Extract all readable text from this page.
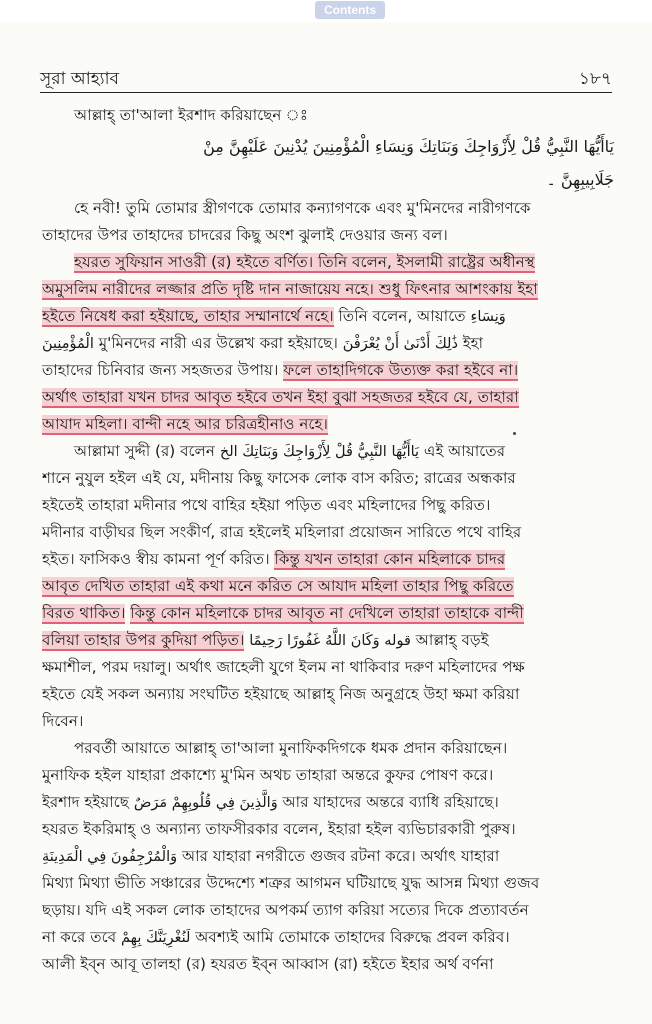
Contents
সূরা আহ্যাব	১৮৭
আল্লাহ্ তা'আলা ইরশাদ করিয়াছেন ঃ
يَاأَيُّهَا النَّبِيُّ قُلْ لِأَزْوَاجِكَ وَبَنَاتِكَ وَنِسَاءِ الْمُؤْمِنِينَ يُدْنِينَ عَلَيْهِنَّ مِنْ
جَلَابِيبِهِنَّ ۔
হে নবী! তুমি তোমার স্ত্রীগণকে তোমার কন্যাগণকে এবং মু'মিনদের নারীগণকে
তাহাদের উপর তাহাদের চাদরের কিছু অংশ ঝুলাই দেওয়ার জন্য বল।
হযরত সুফিয়ান সাওরী (র) হইতে বর্ণিত। তিনি বলেন, ইসলামী রাষ্ট্রের অধীনস্থ
অমুসলিম নারীদের লজ্জার প্রতি দৃষ্টি দান নাজায়েয নহে। শুধু ফিৎনার আশংকায় ইহা
হইতে নিষেধ করা হইয়াছে, তাহার সম্মানার্থে নহে। তিনি বলেন, আয়াতে وَنِسَاءِ
الْمُؤْمِنِينَ মু'মিনদের নারী এর উল্লেখ করা হইয়াছে। ذَٰلِكَ أَدْنَىٰ أَنْ يُعْرَفْنَ ইহা
তাহাদের চিনিবার জন্য সহজতর উপায়। ফলে তাহাদিগকে উত্যক্ত করা হইবে না।
অর্থাৎ তাহারা যখন চাদর আবৃত হইবে তখন ইহা বুঝা সহজতর হইবে যে, তাহারা
আযাদ মহিলা। বান্দী নহে আর চরিত্রহীনাও নহে।
আল্লামা সুদ্দী (র) বলেন يَاأَيُّهَا النَّبِيُّ قُلْ لِأَزْوَاجِكَ وَبَنَاتِكَ الخ এই আয়াতের
শানে নুযুল হইল এই যে, মদীনায় কিছু ফাসেক লোক বাস করিত; রাত্রের অন্ধকার
হইতেই তাহারা মদীনার পথে বাহির হইয়া পড়িত এবং মহিলাদের পিছু করিত।
মদীনার বাড়ীঘর ছিল সংকীর্ণ, রাত্র হইলেই মহিলারা প্রয়োজন সারিতে পথে বাহির
হইত। ফাসিকও স্বীয় কামনা পূর্ণ করিত। কিন্তু যখন তাহারা কোন মহিলাকে চাদর
আবৃত দেখিত তাহারা এই কথা মনে করিত সে আযাদ মহিলা তাহার পিছু করিতে
বিরত থাকিত। কিন্তু কোন মহিলাকে চাদর আবৃত না দেখিলে তাহারা তাহাকে বান্দী
বলিয়া তাহার উপর কুদিয়া পড়িত। قوله وَكَانَ اللَّهُ غَفُورًا رَحِيمًا আল্লাহ্ বড়ই
ক্ষমাশীল, পরম দয়ালু। অর্থাৎ জাহেলী যুগে ইলম না থাকিবার দরুণ মহিলাদের পক্ষ
হইতে যেই সকল অন্যায় সংঘটিত হইয়াছে আল্লাহ্ নিজ অনুগ্রহে উহা ক্ষমা করিয়া
দিবেন।
পরবর্তী আয়াতে আল্লাহ্ তা'আলা মুনাফিকদিগকে ধমক প্রদান করিয়াছেন।
মুনাফিক হইল যাহারা প্রকাশ্যে মু'মিন অথচ তাহারা অন্তরে কুফর পোষণ করে।
ইরশাদ হইয়াছে وَالَّذِينَ فِي قُلُوبِهِمْ مَرَضٌ আর যাহাদের অন্তরে ব্যাধি রহিয়াছে।
হযরত ইকরিমাহ্ ও অন্যান্য তাফসীরকার বলেন, ইহারা হইল ব্যভিচারকারী পুরুষ।
وَالْمُرْجِفُونَ فِي الْمَدِينَةِ আর যাহারা নগরীতে গুজব রটনা করে। অর্থাৎ যাহারা
মিথ্যা মিথ্যা ভীতি সঞ্চারের উদ্দেশ্যে শত্রুর আগমন ঘটিয়াছে যুদ্ধ আসন্ন মিথ্যা গুজব
ছড়ায়। যদি এই সকল লোক তাহাদের অপকর্ম ত্যাগ করিয়া সত্যের দিকে প্রত্যাবর্তন
না করে তবে لَنُغْرِيَنَّكَ بِهِمْ অবশ্যই আমি তোমাকে তাহাদের বিরুদ্ধে প্রবল করিব।
আলী ইব্ন আবূ তালহা (র) হযরত ইব্ন আব্বাস (রা) হইতে ইহার অর্থ বর্ণনা
